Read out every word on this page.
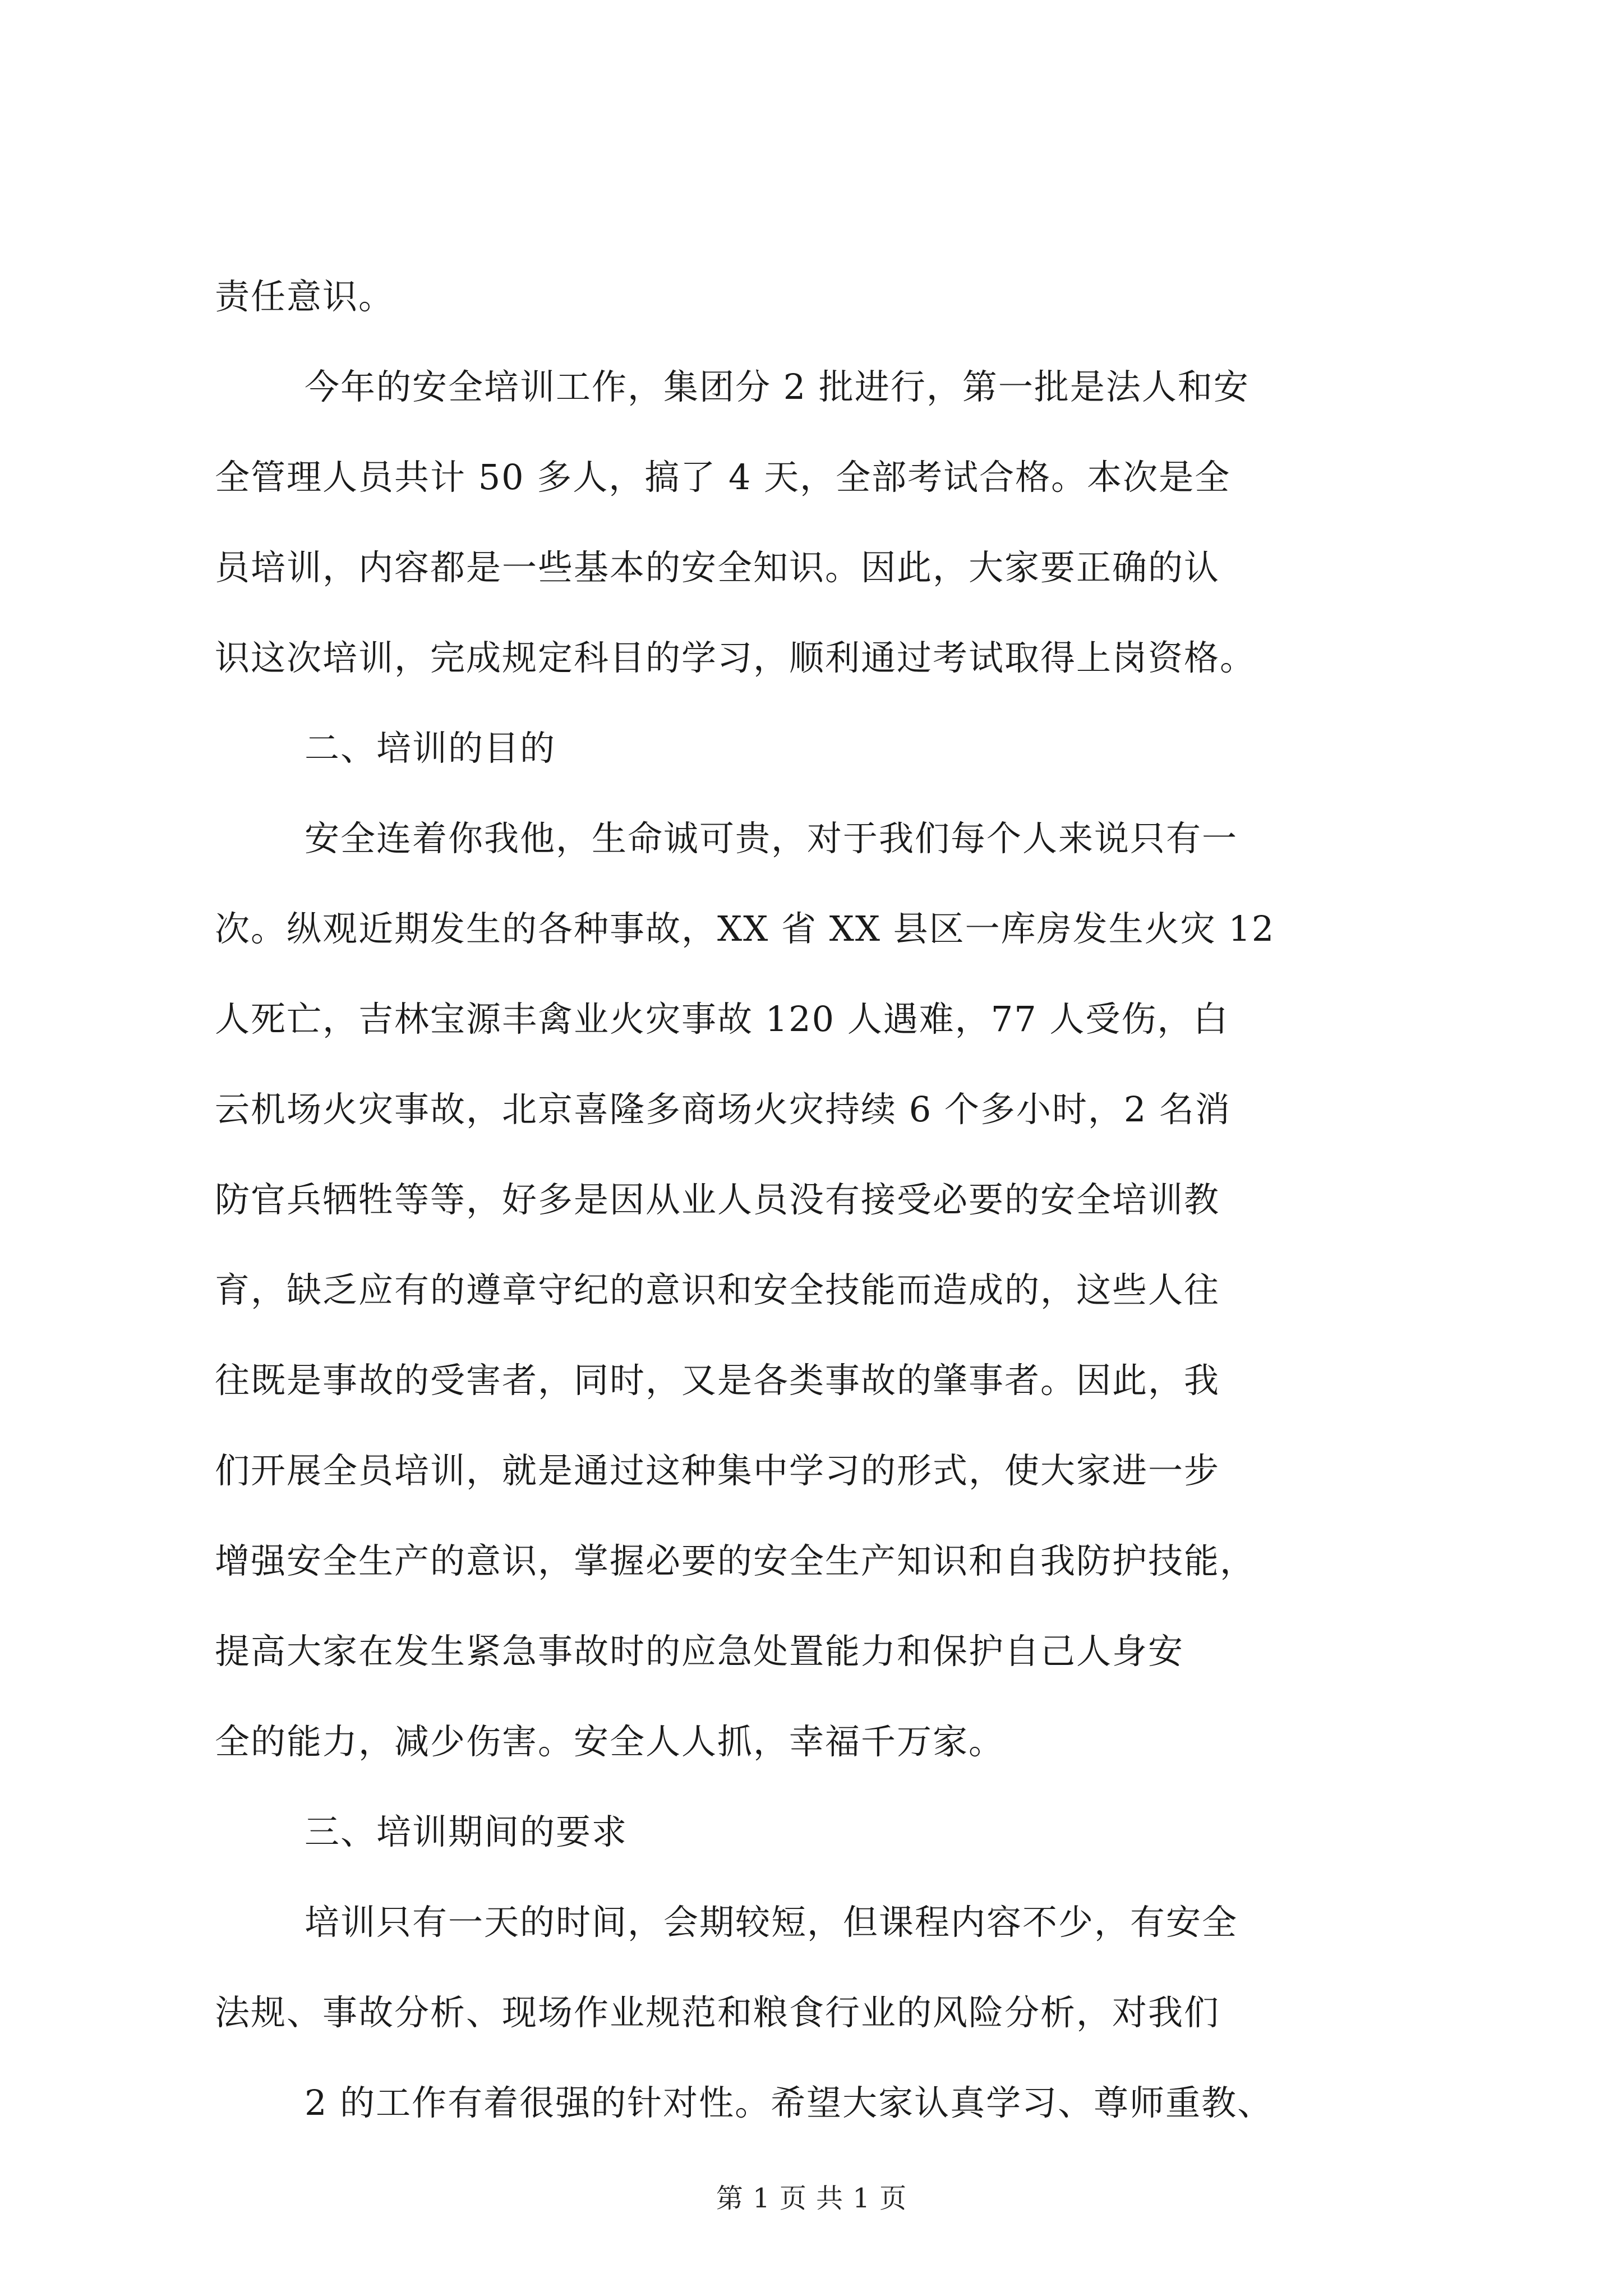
责任意识。
今年的安全培训工作，集团分 2 批进行，第一批是法人和安
全管理人员共计 50 多人，搞了 4 天，全部考试合格。本次是全
员培训，内容都是一些基本的安全知识。因此，大家要正确的认
识这次培训，完成规定科目的学习，顺利通过考试取得上岗资格。
二、培训的目的
安全连着你我他，生命诚可贵，对于我们每个人来说只有一
次。纵观近期发生的各种事故，XX 省 XX 县区一库房发生火灾 12
人死亡，吉林宝源丰禽业火灾事故 120 人遇难，77 人受伤，白
云机场火灾事故，北京喜隆多商场火灾持续 6 个多小时，2 名消
防官兵牺牲等等，好多是因从业人员没有接受必要的安全培训教
育，缺乏应有的遵章守纪的意识和安全技能而造成的，这些人往
往既是事故的受害者，同时，又是各类事故的肇事者。因此，我
们开展全员培训，就是通过这种集中学习的形式，使大家进一步
增强安全生产的意识，掌握必要的安全生产知识和自我防护技能，
提高大家在发生紧急事故时的应急处置能力和保护自己人身安
全的能力，减少伤害。安全人人抓，幸福千万家。
三、培训期间的要求
培训只有一天的时间，会期较短，但课程内容不少，有安全
法规、事故分析、现场作业规范和粮食行业的风险分析，对我们
2 的工作有着很强的针对性。希望大家认真学习、尊师重教、
第 1 页 共 1 页
